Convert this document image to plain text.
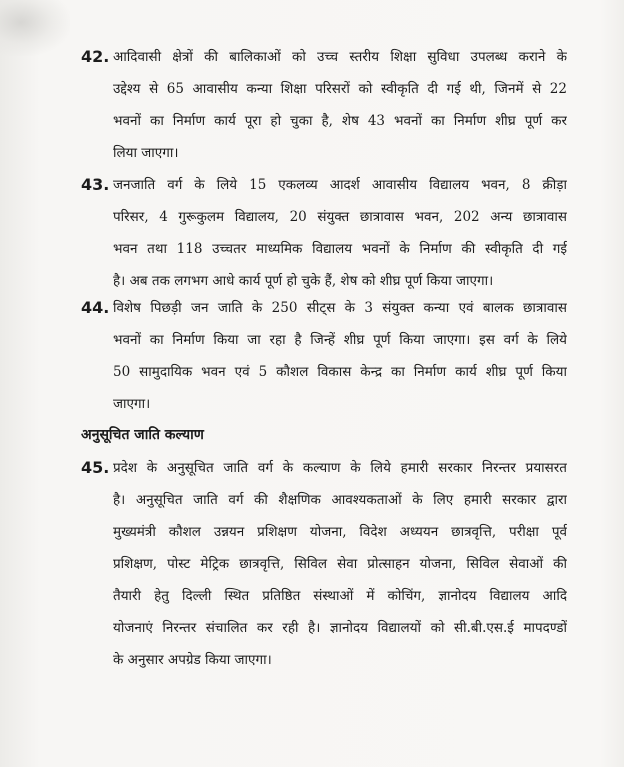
42. आदिवासी क्षेत्रों की बालिकाओं को उच्च स्तरीय शिक्षा सुविधा उपलब्ध कराने के
उद्देश्य से 65 आवासीय कन्या शिक्षा परिसरों को स्वीकृति दी गई थी, जिनमें से 22
भवनों का निर्माण कार्य पूरा हो चुका है, शेष 43 भवनों का निर्माण शीघ्र पूर्ण कर
लिया जाएगा।
43. जनजाति वर्ग के लिये 15 एकलव्य आदर्श आवासीय विद्यालय भवन, 8 क्रीड़ा
परिसर, 4 गुरूकुलम विद्यालय, 20 संयुक्त छात्रावास भवन, 202 अन्य छात्रावास
भवन तथा 118 उच्चतर माध्यमिक विद्यालय भवनों के निर्माण की स्वीकृति दी गई
है। अब तक लगभग आधे कार्य पूर्ण हो चुके हैं, शेष को शीघ्र पूर्ण किया जाएगा।
44. विशेष पिछड़ी जन जाति के 250 सीट्स के 3 संयुक्त कन्या एवं बालक छात्रावास
भवनों का निर्माण किया जा रहा है जिन्हें शीघ्र पूर्ण किया जाएगा। इस वर्ग के लिये
50 सामुदायिक भवन एवं 5 कौशल विकास केन्द्र का निर्माण कार्य शीघ्र पूर्ण किया
जाएगा।
अनुसूचित जाति कल्याण
45. प्रदेश के अनुसूचित जाति वर्ग के कल्याण के लिये हमारी सरकार निरन्तर प्रयासरत
है। अनुसूचित जाति वर्ग की शैक्षणिक आवश्यकताओं के लिए हमारी सरकार द्वारा
मुख्यमंत्री कौशल उन्नयन प्रशिक्षण योजना, विदेश अध्ययन छात्रवृत्ति, परीक्षा पूर्व
प्रशिक्षण, पोस्ट मेट्रिक छात्रवृत्ति, सिविल सेवा प्रोत्साहन योजना, सिविल सेवाओं की
तैयारी हेतु दिल्ली स्थित प्रतिष्ठित संस्थाओं में कोचिंग, ज्ञानोदय विद्यालय आदि
योजनाएं निरन्तर संचालित कर रही है। ज्ञानोदय विद्यालयों को सी.बी.एस.ई मापदण्डों
के अनुसार अपग्रेड किया जाएगा।
